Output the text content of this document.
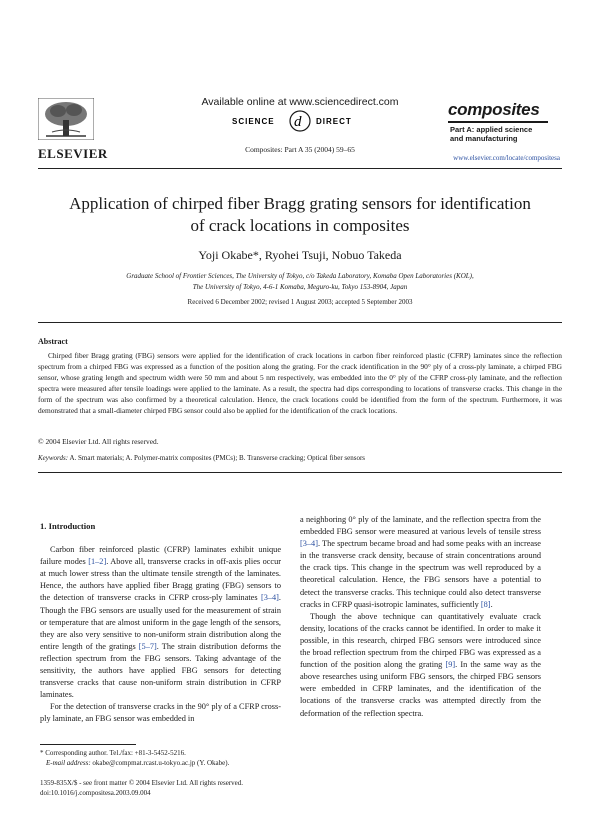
ELSEVIER
Available online at www.sciencedirect.com
SCIENCE d DIRECT
Composites: Part A 35 (2004) 59–65
composites
Part A: applied science
and manufacturing
www.elsevier.com/locate/compositesa
Application of chirped fiber Bragg grating sensors for identification
of crack locations in composites
Yoji Okabe*, Ryohei Tsuji, Nobuo Takeda
Graduate School of Frontier Sciences, The University of Tokyo, c/o Takeda Laboratory, Komaba Open Laboratories (KOL),
The University of Tokyo, 4-6-1 Komaba, Meguro-ku, Tokyo 153-8904, Japan
Received 6 December 2002; revised 1 August 2003; accepted 5 September 2003
Abstract
Chirped fiber Bragg grating (FBG) sensors were applied for the identification of crack locations in carbon fiber reinforced plastic (CFRP) laminates since the reflection spectrum from a chirped FBG was expressed as a function of the position along the grating. For the crack identification in the 90° ply of a cross-ply laminate, a chirped FBG sensor, whose grating length and spectrum width were 50 mm and about 5 nm respectively, was embedded into the 0° ply of the CFRP cross-ply laminate, and the reflection spectra were measured after tensile loadings were applied to the laminate. As a result, the spectra had dips corresponding to locations of transverse cracks. This change in the form of the spectrum was also confirmed by a theoretical calculation. Hence, the crack locations could be identified from the form of the spectrum. Furthermore, it was demonstrated that a small-diameter chirped FBG sensor could also be applied for the identification of the crack locations.
© 2004 Elsevier Ltd. All rights reserved.
Keywords: A. Smart materials; A. Polymer-matrix composites (PMCs); B. Transverse cracking; Optical fiber sensors
1. Introduction

Carbon fiber reinforced plastic (CFRP) laminates exhibit unique failure modes [1–2]. Above all, transverse cracks in off-axis plies occur at much lower stress than the ultimate tensile strength of the laminates. Hence, the authors have applied fiber Bragg grating (FBG) sensors to the detection of transverse cracks in CFRP cross-ply laminates [3–4]. Though the FBG sensors are usually used for the measurement of strain or temperature that are almost uniform in the gage length of the sensors, they are also very sensitive to non-uniform strain distribution along the entire length of the gratings [5–7]. The strain distribution deforms the reflection spectrum from the FBG sensors. Taking advantage of the sensitivity, the authors have applied FBG sensors for detecting transverse cracks that cause non-uniform strain distribution in CFRP laminates.

For the detection of transverse cracks in the 90° ply of a CFRP cross-ply laminate, an FBG sensor was embedded in

a neighboring 0° ply of the laminate, and the reflection spectra from the embedded FBG sensor were measured at various levels of tensile stress [3–4]. The spectrum became broad and had some peaks with an increase in the transverse crack density, because of strain concentrations around the crack tips. This change in the spectrum was well reproduced by a theoretical calculation. Hence, the FBG sensors have a potential to detect the transverse cracks. This technique could also detect transverse cracks in CFRP quasi-isotropic laminates, sufficiently [8].

Though the above technique can quantitatively evaluate crack density, locations of the cracks cannot be identified. In order to make it possible, in this research, chirped FBG sensors were introduced since the broad reflection spectrum from the chirped FBG was expressed as a function of the position along the grating [9]. In the same way as the above researches using uniform FBG sensors, the chirped FBG sensors were embedded in CFRP laminates, and the identification of the locations of the transverse cracks was attempted directly from the deformation of the reflection spectra.

* Corresponding author. Tel./fax: +81-3-5452-5216.
E-mail address: okabe@compmat.rcast.u-tokyo.ac.jp (Y. Okabe).
1359-835X/$ - see front matter © 2004 Elsevier Ltd. All rights reserved.
doi:10.1016/j.compositesa.2003.09.004
